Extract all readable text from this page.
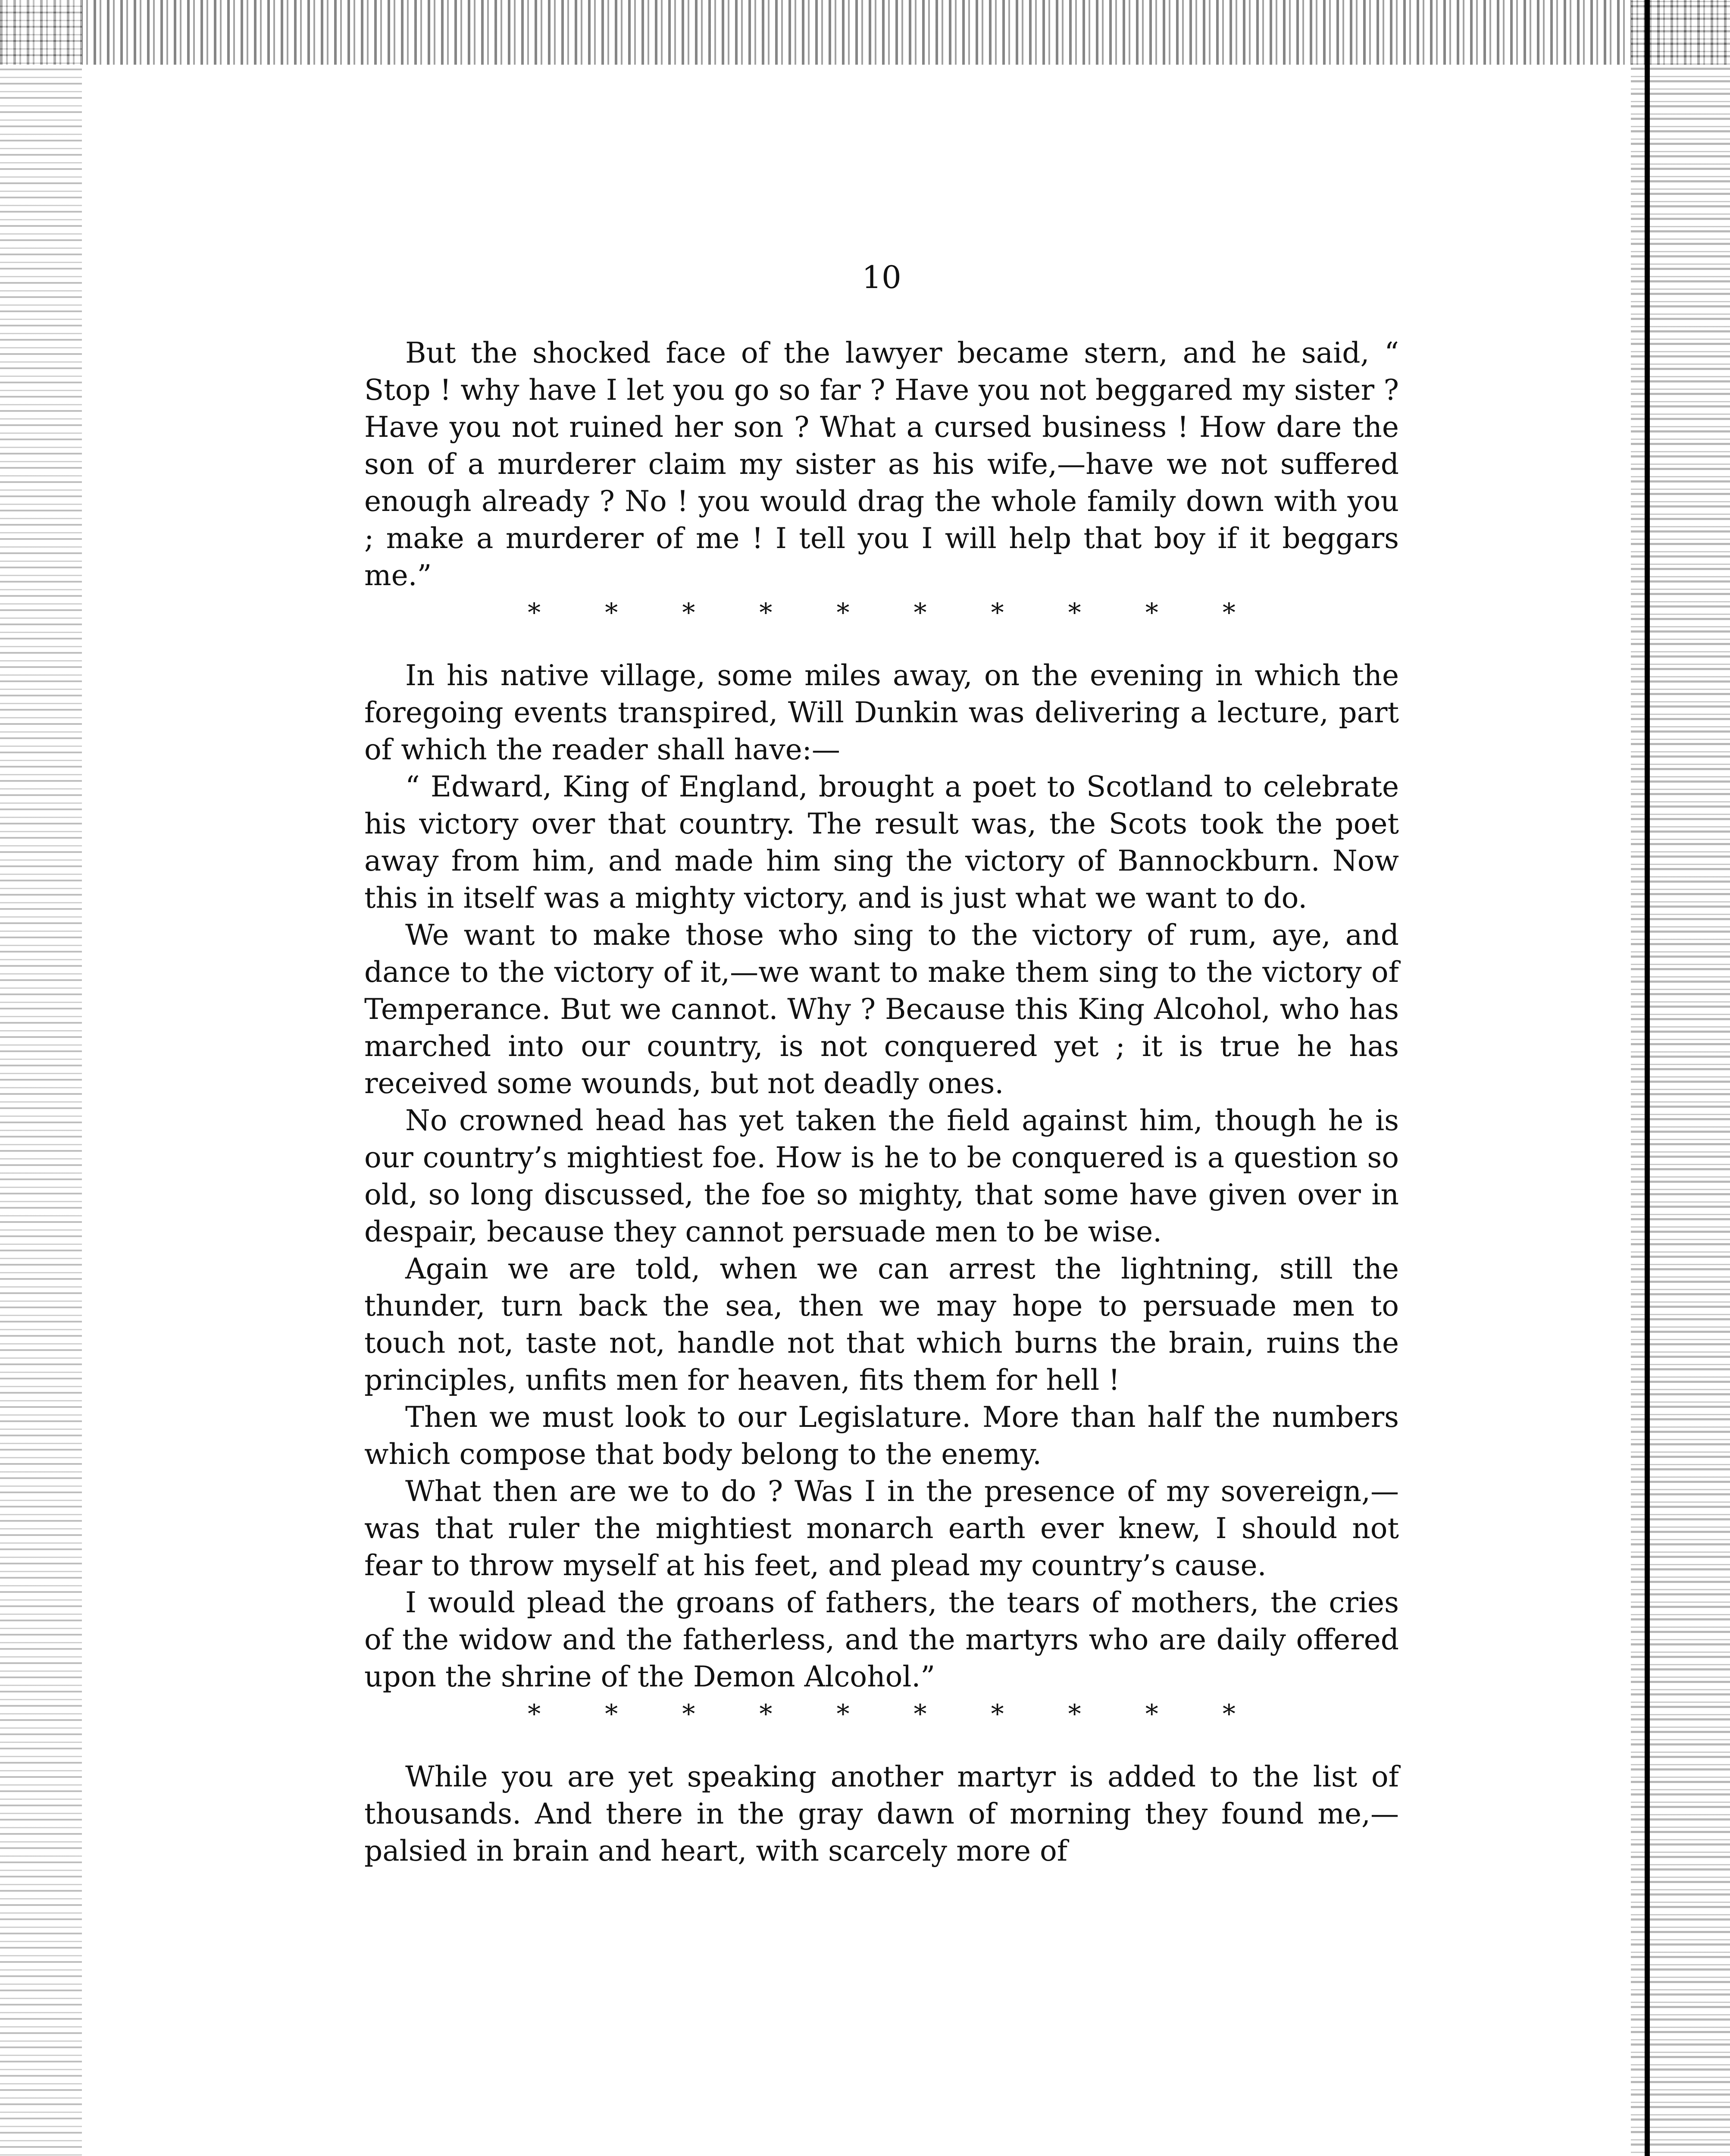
10

But the shocked face of the lawyer became stern, and he said, “ Stop ! why have I let you go so far ? Have you not beggared my sister ? Have you not ruined her son ? What a cursed business ! How dare the son of a murderer claim my sister as his wife,—have we not suffered enough already ? No ! you would drag the whole family down with you ; make a murderer of me ! I tell you I will help that boy if it beggars me.”

* * * * * * * * * *

In his native village, some miles away, on the evening in which the foregoing events transpired, Will Dunkin was delivering a lecture, part of which the reader shall have:—

“ Edward, King of England, brought a poet to Scotland to celebrate his victory over that country. The result was, the Scots took the poet away from him, and made him sing the victory of Bannockburn. Now this in itself was a mighty victory, and is just what we want to do.

We want to make those who sing to the victory of rum, aye, and dance to the victory of it,—we want to make them sing to the victory of Temperance. But we cannot. Why ? Because this King Alcohol, who has marched into our country, is not conquered yet ; it is true he has received some wounds, but not deadly ones.

No crowned head has yet taken the field against him, though he is our country’s mightiest foe. How is he to be conquered is a question so old, so long discussed, the foe so mighty, that some have given over in despair, because they cannot persuade men to be wise.

Again we are told, when we can arrest the lightning, still the thunder, turn back the sea, then we may hope to persuade men to touch not, taste not, handle not that which burns the brain, ruins the principles, unfits men for heaven, fits them for hell !

Then we must look to our Legislature. More than half the numbers which compose that body belong to the enemy.

What then are we to do ? Was I in the presence of my sovereign,—was that ruler the mightiest monarch earth ever knew, I should not fear to throw myself at his feet, and plead my country’s cause.

I would plead the groans of fathers, the tears of mothers, the cries of the widow and the fatherless, and the martyrs who are daily offered upon the shrine of the Demon Alcohol.”

* * * * * * * * * *

While you are yet speaking another martyr is added to the list of thousands. And there in the gray dawn of morning they found me,—palsied in brain and heart, with scarcely more of
